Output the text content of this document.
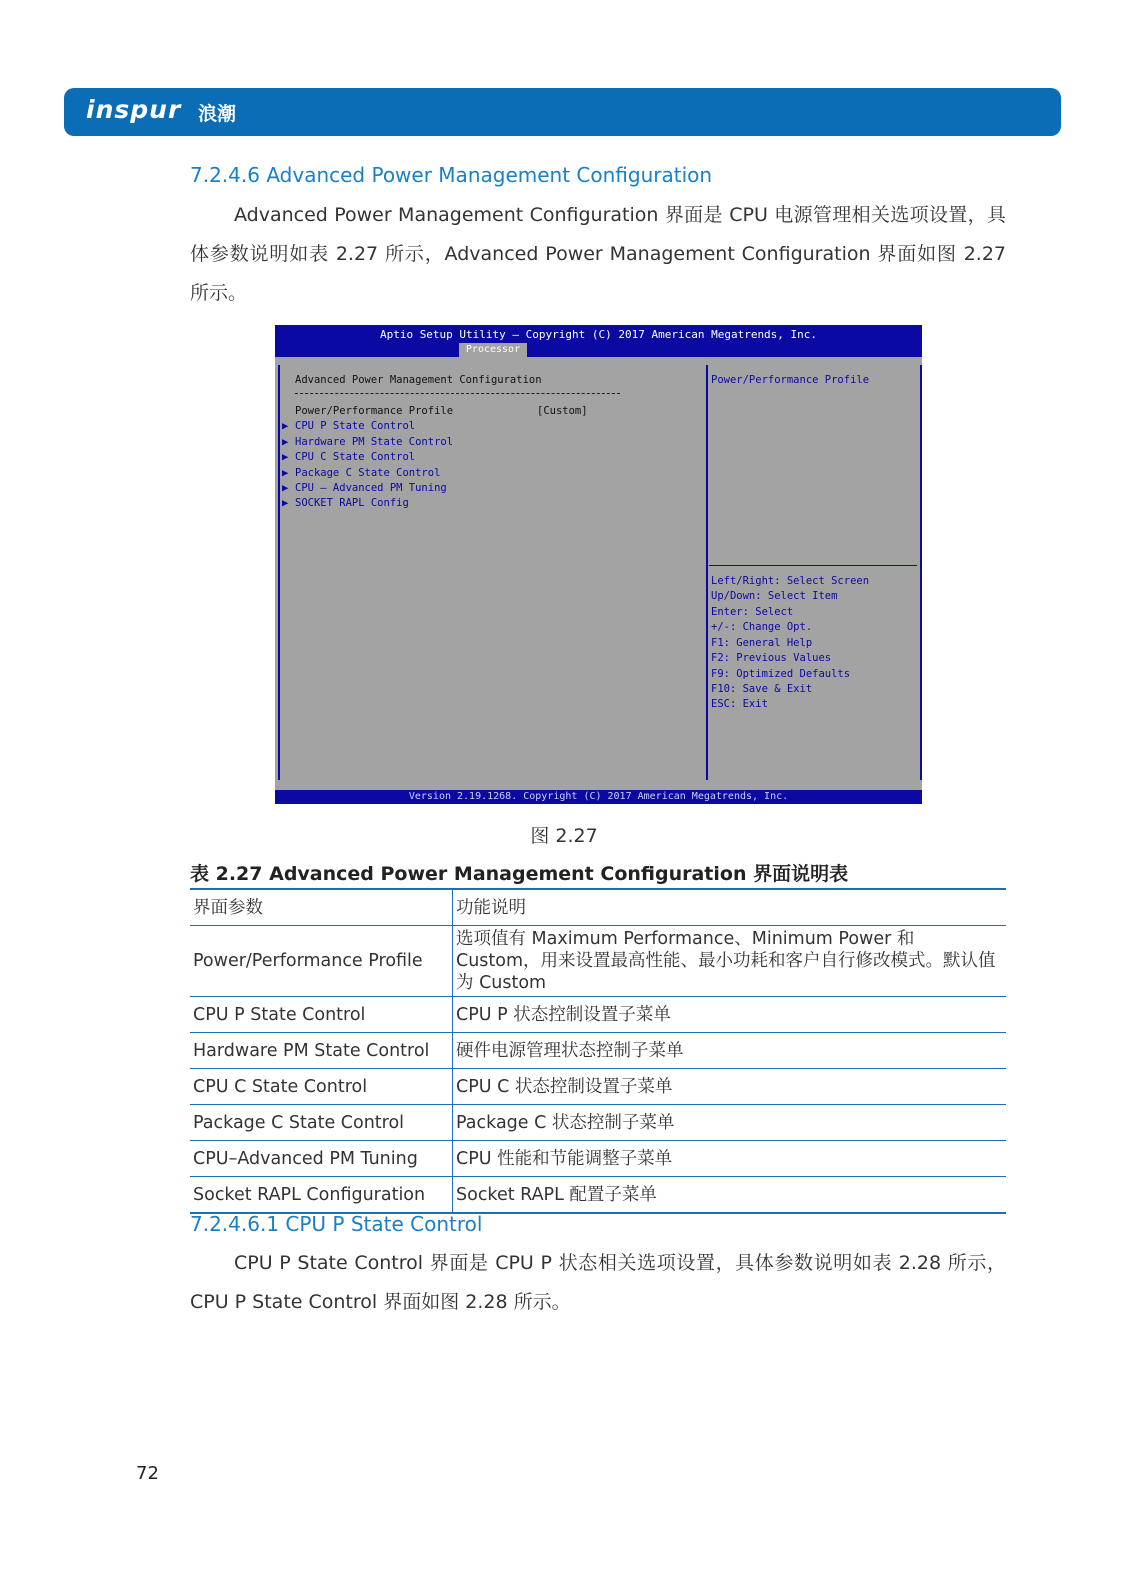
inspur 浪潮
7.2.4.6 Advanced Power Management Configuration

Advanced Power Management Configuration 界面是 CPU 电源管理相关选项设置，具体参数说明如表 2.27 所示，Advanced Power Management Configuration 界面如图 2.27 所示。

Aptio Setup Utility – Copyright (C) 2017 American Megatrends, Inc.
Processor
Advanced Power Management Configuration
Power/Performance Profile	[Custom]
▶ CPU P State Control
▶ Hardware PM State Control
▶ CPU C State Control
▶ Package C State Control
▶ CPU – Advanced PM Tuning
▶ SOCKET RAPL Config
Power/Performance Profile
Left/Right: Select Screen
Up/Down: Select Item
Enter: Select
+/-: Change Opt.
F1: General Help
F2: Previous Values
F9: Optimized Defaults
F10: Save & Exit
ESC: Exit
Version 2.19.1268. Copyright (C) 2017 American Megatrends, Inc.
图 2.27
表 2.27 Advanced Power Management Configuration 界面说明表
界面参数	功能说明
Power/Performance Profile	选项值有 Maximum Performance、Minimum Power 和 Custom，用来设置最高性能、最小功耗和客户自行修改模式。默认值为 Custom
CPU P State Control	CPU P 状态控制设置子菜单
Hardware PM State Control	硬件电源管理状态控制子菜单
CPU C State Control	CPU C 状态控制设置子菜单
Package C State Control	Package C 状态控制子菜单
CPU–Advanced PM Tuning	CPU 性能和节能调整子菜单
Socket RAPL Configuration	Socket RAPL 配置子菜单
7.2.4.6.1 CPU P State Control

CPU P State Control 界面是 CPU P 状态相关选项设置，具体参数说明如表 2.28 所示，CPU P State Control 界面如图 2.28 所示。

72
